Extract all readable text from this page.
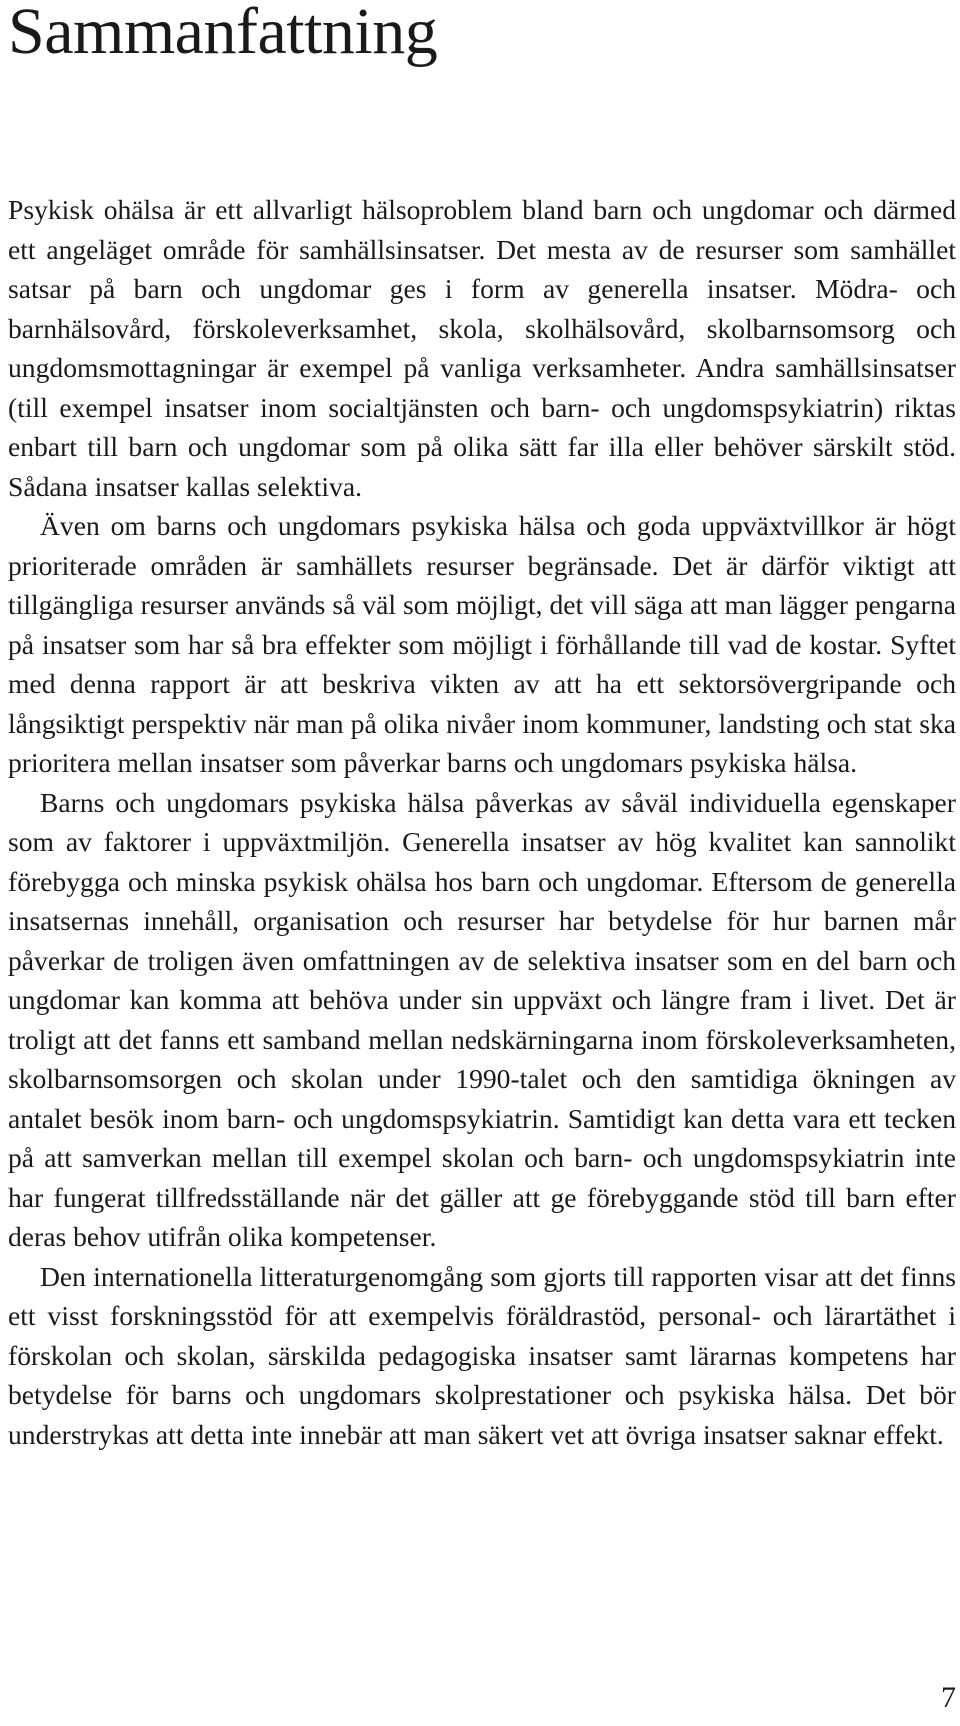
Sammanfattning

Psykisk ohälsa är ett allvarligt hälsoproblem bland barn och ungdomar och därmed ett angeläget område för samhällsinsatser. Det mesta av de resurser som samhället satsar på barn och ungdomar ges i form av generella insatser. Mödra- och barnhälsovård, förskoleverksamhet, skola, skolhälsovård, skolbarnsomsorg och ungdomsmottagningar är exempel på vanliga verksamheter. Andra samhällsinsatser (till exempel insatser inom socialtjänsten och barn- och ungdomspsykiatrin) riktas enbart till barn och ungdomar som på olika sätt far illa eller behöver särskilt stöd. Sådana insatser kallas selektiva.

Även om barns och ungdomars psykiska hälsa och goda uppväxtvillkor är högt prioriterade områden är samhällets resurser begränsade. Det är därför viktigt att tillgängliga resurser används så väl som möjligt, det vill säga att man lägger pengarna på insatser som har så bra effekter som möjligt i förhållande till vad de kostar. Syftet med denna rapport är att beskriva vikten av att ha ett sektorsövergripande och långsiktigt perspektiv när man på olika nivåer inom kommuner, landsting och stat ska prioritera mellan insatser som påverkar barns och ungdomars psykiska hälsa.

Barns och ungdomars psykiska hälsa påverkas av såväl individuella egenskaper som av faktorer i uppväxtmiljön. Generella insatser av hög kvalitet kan sannolikt förebygga och minska psykisk ohälsa hos barn och ungdomar. Eftersom de generella insatsernas innehåll, organisation och resurser har betydelse för hur barnen mår påverkar de troligen även omfattningen av de selektiva insatser som en del barn och ungdomar kan komma att behöva under sin uppväxt och längre fram i livet. Det är troligt att det fanns ett samband mellan nedskärningarna inom förskoleverksamheten, skolbarnsomsorgen och skolan under 1990-talet och den samtidiga ökningen av antalet besök inom barn- och ungdomspsykiatrin. Samtidigt kan detta vara ett tecken på att samverkan mellan till exempel skolan och barn- och ungdomspsykiatrin inte har fungerat tillfredsställande när det gäller att ge förebyggande stöd till barn efter deras behov utifrån olika kompetenser.

Den internationella litteraturgenomgång som gjorts till rapporten visar att det finns ett visst forskningsstöd för att exempelvis föräldrastöd, personal- och lärartäthet i förskolan och skolan, särskilda pedagogiska insatser samt lärarnas kompetens har betydelse för barns och ungdomars skolprestationer och psykiska hälsa. Det bör understrykas att detta inte innebär att man säkert vet att övriga insatser saknar effekt.

7
